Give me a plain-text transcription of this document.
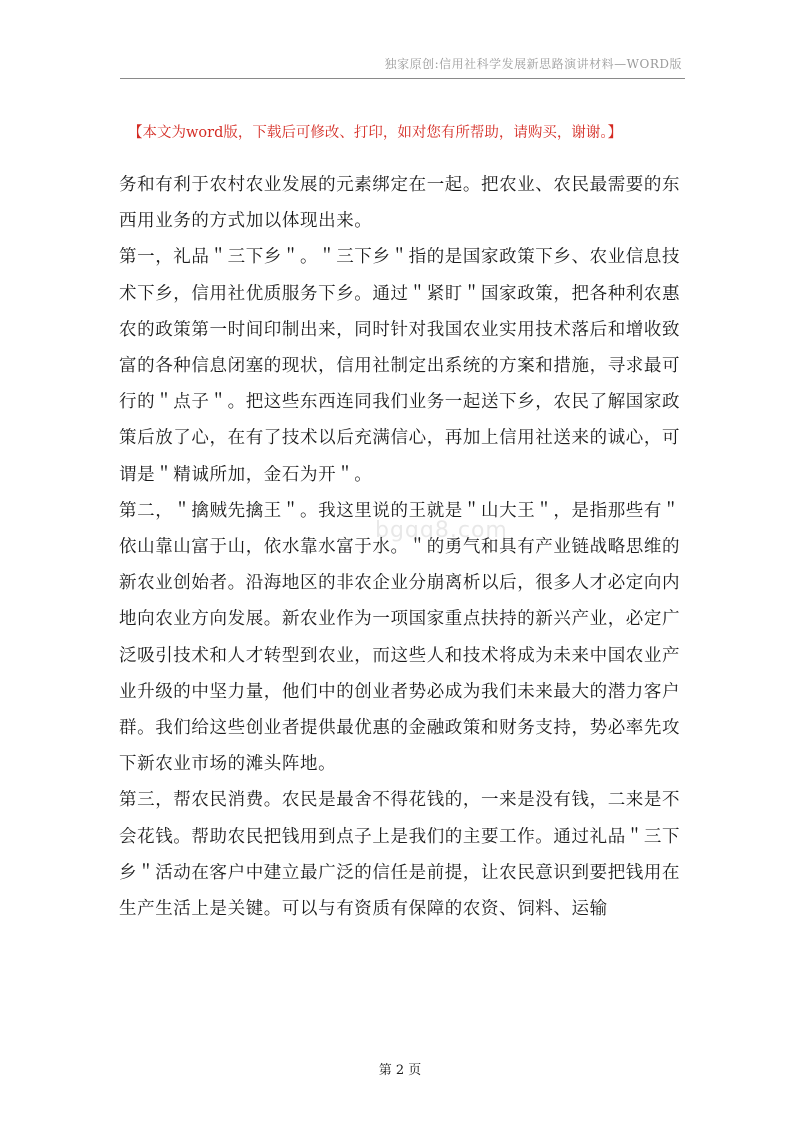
独家原创:信用社科学发展新思路演讲材料—WORD版
【本文为word版，下载后可修改、打印，如对您有所帮助，请购买，谢谢。】

务和有利于农村农业发展的元素绑定在一起。把农业、农民最需要的东西用业务的方式加以体现出来。

第一，礼品＂三下乡＂。＂三下乡＂指的是国家政策下乡、农业信息技术下乡，信用社优质服务下乡。通过＂紧盯＂国家政策，把各种利农惠农的政策第一时间印制出来，同时针对我国农业实用技术落后和增收致富的各种信息闭塞的现状，信用社制定出系统的方案和措施，寻求最可行的＂点子＂。把这些东西连同我们业务一起送下乡，农民了解国家政策后放了心，在有了技术以后充满信心，再加上信用社送来的诚心，可谓是＂精诚所加，金石为开＂。

第二，＂擒贼先擒王＂。我这里说的王就是＂山大王＂，是指那些有＂依山靠山富于山，依水靠水富于水。＂的勇气和具有产业链战略思维的新农业创始者。沿海地区的非农企业分崩离析以后，很多人才必定向内地向农业方向发展。新农业作为一项国家重点扶持的新兴产业，必定广泛吸引技术和人才转型到农业，而这些人和技术将成为未来中国农业产业升级的中坚力量，他们中的创业者势必成为我们未来最大的潜力客户群。我们给这些创业者提供最优惠的金融政策和财务支持，势必率先攻下新农业市场的滩头阵地。

第三，帮农民消费。农民是最舍不得花钱的，一来是没有钱，二来是不会花钱。帮助农民把钱用到点子上是我们的主要工作。通过礼品＂三下乡＂活动在客户中建立最广泛的信任是前提，让农民意识到要把钱用在生产生活上是关键。可以与有资质有保障的农资、饲料、运输

bgqq8.com
第 2 页
